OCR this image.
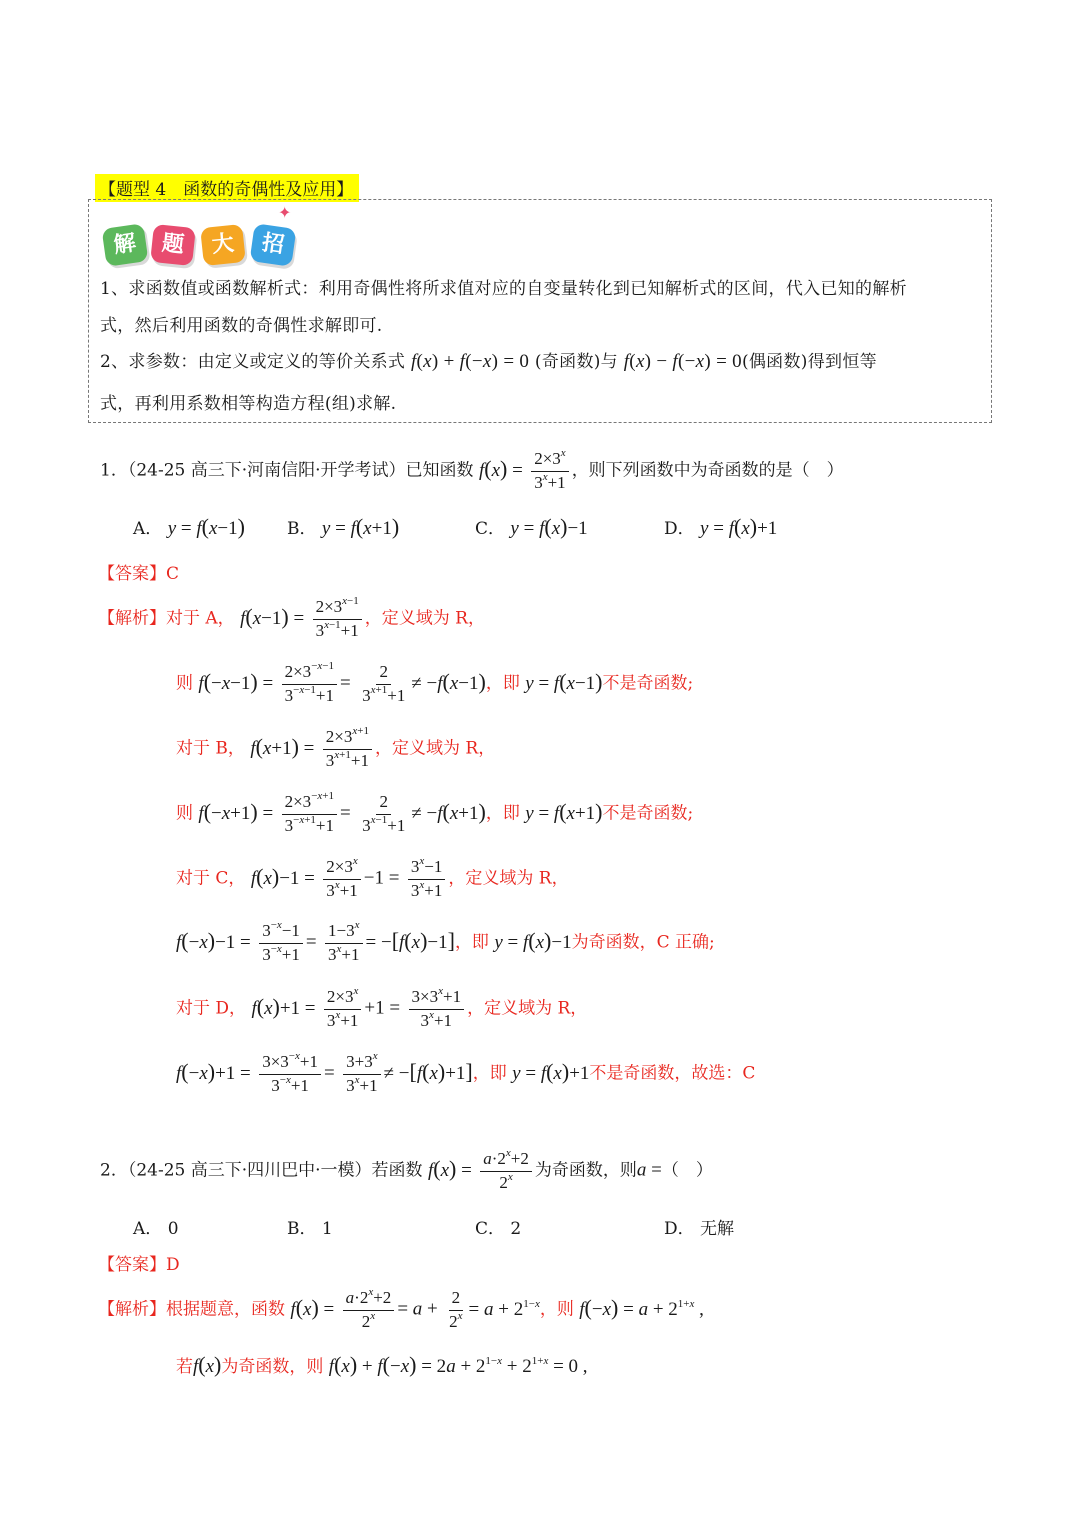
【题型 4　函数的奇偶性及应用】
解	题	大	招
✦
1、求函数值或函数解析式：利用奇偶性将所求值对应的自变量转化到已知解析式的区间，代入已知的解析
式，然后利用函数的奇偶性求解即可.
2、求参数：由定义或定义的等价关系式 f(x) + f(−x) = 0 (奇函数)与 f(x) − f(−x) = 0(偶函数)得到恒等
式，再利用系数相等构造方程(组)求解.
1．（24-25 高三下·河南信阳·开学考试）已知函数 $f(x) = \frac{2\times 3^x}{3^x+1}$ ，则下列函数中为奇函数的是（　）
A． y = f(x−1) B． y = f(x+1)	C． y = f(x)−1	D． y = f(x)+1
【答案】C
【解析】对于 A， $f(x-1) = \frac{2\times 3^{x-1}}{3^{x-1}+1}$ ，定义域为 R，
则 $f(-x-1) = \frac{2\times 3^{-x-1}}{3^{-x-1}+1} = \frac{2}{3^{x+1}+1} \ne -f(x-1)$，即 y = f(x−1)不是奇函数;
对于 B， $f(x+1) = \frac{2\times 3^{x+1}}{3^{x+1}+1}$ ，定义域为 R，
则 $f(-x+1) = \frac{2\times 3^{-x+1}}{3^{-x+1}+1} = \frac{2}{3^{x-1}+1} \ne -f(x+1)$，即 y = f(x+1)不是奇函数;
对于 C， $f(x)-1 = \frac{2\times 3^x}{3^x+1} -1 = \frac{3^x-1}{3^x+1}$ ，定义域为 R，
$f(-x)-1 = \frac{3^{-x}-1}{3^{-x}+1} = \frac{1-3^x}{3^x+1} = -[f(x)-1]$，即 y = f(x)−1为奇函数，C 正确;
对于 D， $f(x)+1 = \frac{2\times 3^x}{3^x+1} +1 = \frac{3\times 3^x+1}{3^x+1}$ ，定义域为 R，
$f(-x)+1 = \frac{3\times 3^{-x}+1}{3^{-x}+1} = \frac{3+3^x}{3^x+1} \ne -[f(x)+1]$，即 y = f(x)+1不是奇函数，故选：C
2．（24-25 高三下·四川巴中·一模）若函数 $f(x) = \frac{a\cdot 2^x+2}{2^x}$ 为奇函数，则a =（　）
A． 0	B． 1	C． 2	D． 无解
【答案】D
【解析】根据题意，函数 $f(x) = \frac{a\cdot 2^x+2}{2^x} = a + \frac{2}{2^x} = a + 2^{1-x}$，则 $f(-x) = a + 2^{1+x}$ ,
若f(x)为奇函数，则 $f(x) + f(-x) = 2a + 2^{1-x} + 2^{1+x} = 0$ ,
